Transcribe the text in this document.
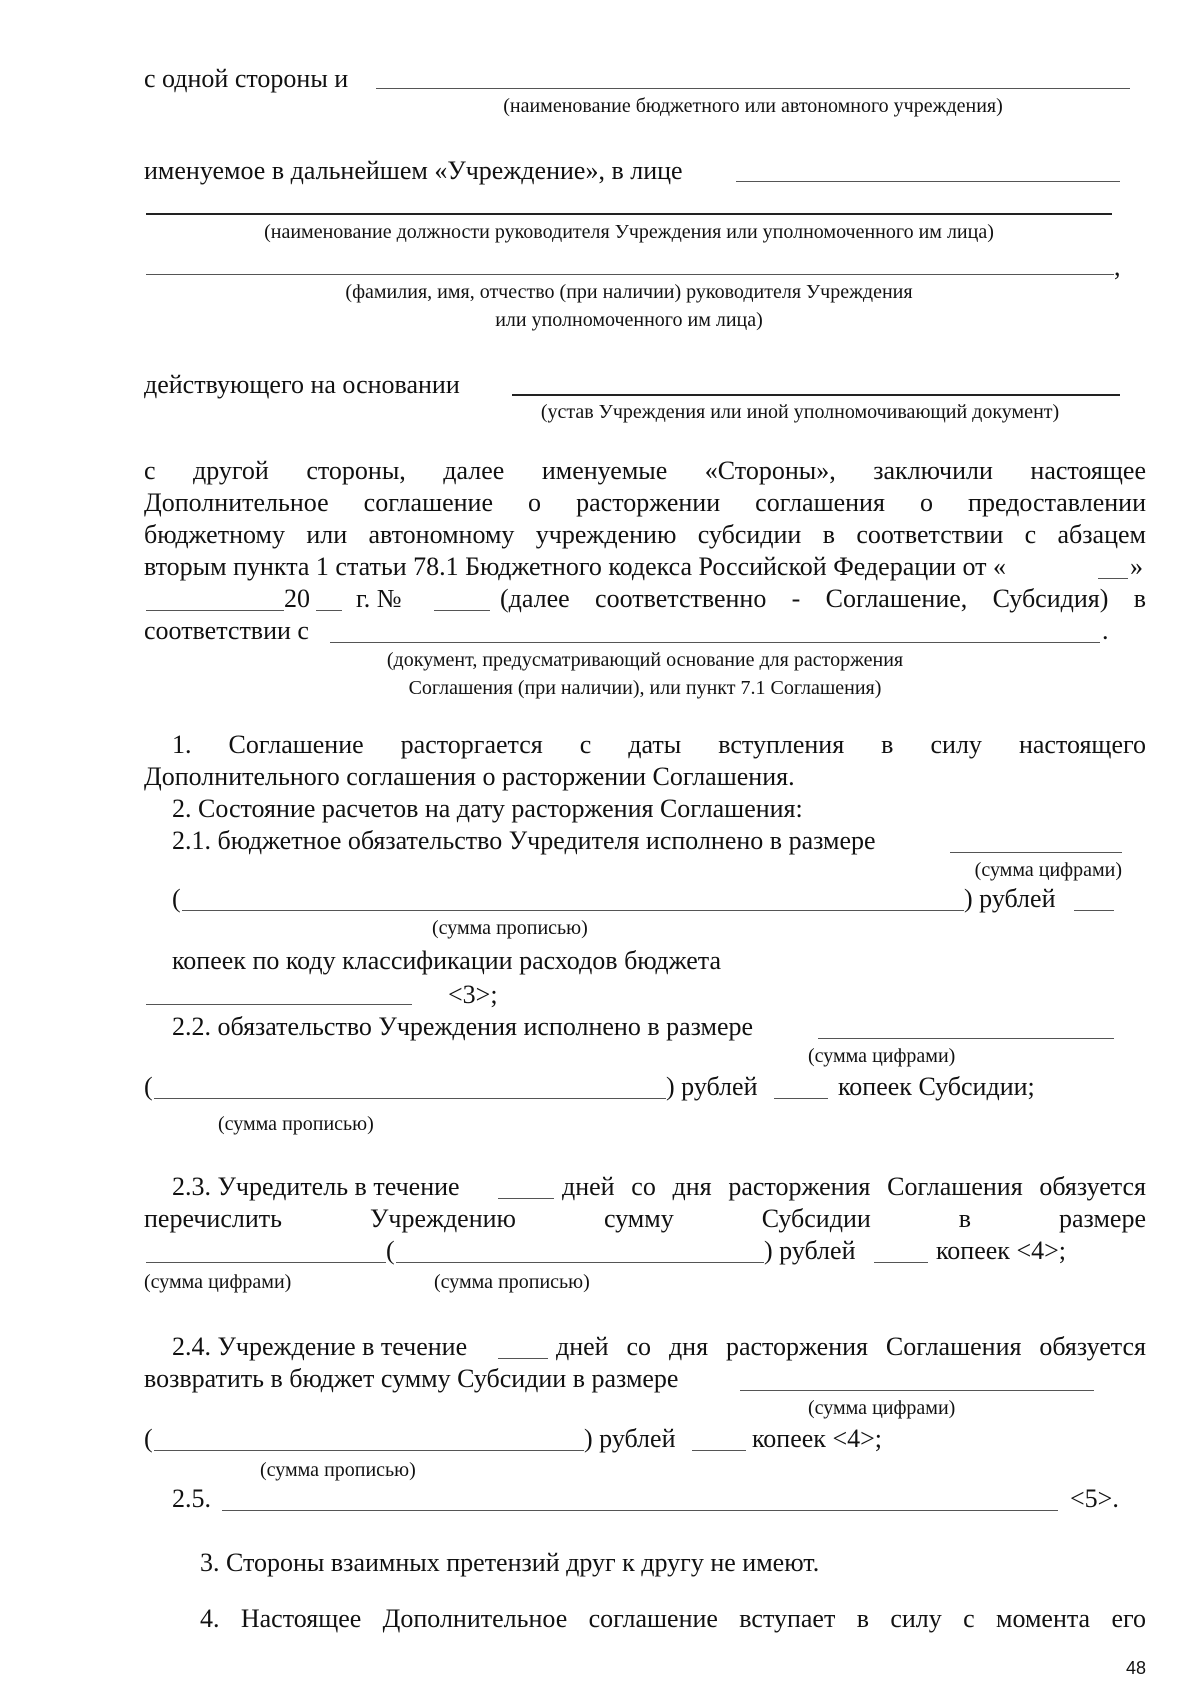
с одной стороны и
(наименование бюджетного или автономного учреждения)
именуемое в дальнейшем «Учреждение», в лице
(наименование должности руководителя Учреждения или уполномоченного им лица)
,
(фамилия, имя, отчество (при наличии) руководителя Учреждения
или уполномоченного им лица)
действующего на основании
(устав Учреждения или иной уполномочивающий документ)
с другой стороны, далее именуемые «Стороны», заключили настоящее
Дополнительное соглашение о расторжении соглашения о предоставлении
бюджетному или автономному учреждению субсидии в соответствии с абзацем
вторым пункта 1 статьи 78.1 Бюджетного кодекса Российской Федерации от «	»
20 г. №	(далее соответственно - Соглашение, Субсидия) в
соответствии с	.
(документ, предусматривающий основание для расторжения
Соглашения (при наличии), или пункт 7.1 Соглашения)
1. Соглашение расторгается с даты вступления в силу настоящего
Дополнительного соглашения о расторжении Соглашения.
2. Состояние расчетов на дату расторжения Соглашения:
2.1. бюджетное обязательство Учредителя исполнено в размере
(сумма цифрами)
(	) рублей
(сумма прописью)
копеек по коду классификации расходов бюджета
<3>;
2.2. обязательство Учреждения исполнено в размере
(сумма цифрами)
(	) рублей	копеек Субсидии;
(сумма прописью)
2.3. Учредитель в течение	дней со дня расторжения Соглашения обязуется
перечислить Учреждению сумму Субсидии в размере
(	) рублей	копеек <4>;
(сумма цифрами)	(сумма прописью)
2.4. Учреждение в течение	дней со дня расторжения Соглашения обязуется
возвратить в бюджет сумму Субсидии в размере
(сумма цифрами)
(	) рублей	копеек <4>;
(сумма прописью)
2.5.	<5>.
3. Стороны взаимных претензий друг к другу не имеют.
4. Настоящее Дополнительное соглашение вступает в силу с момента его
48
